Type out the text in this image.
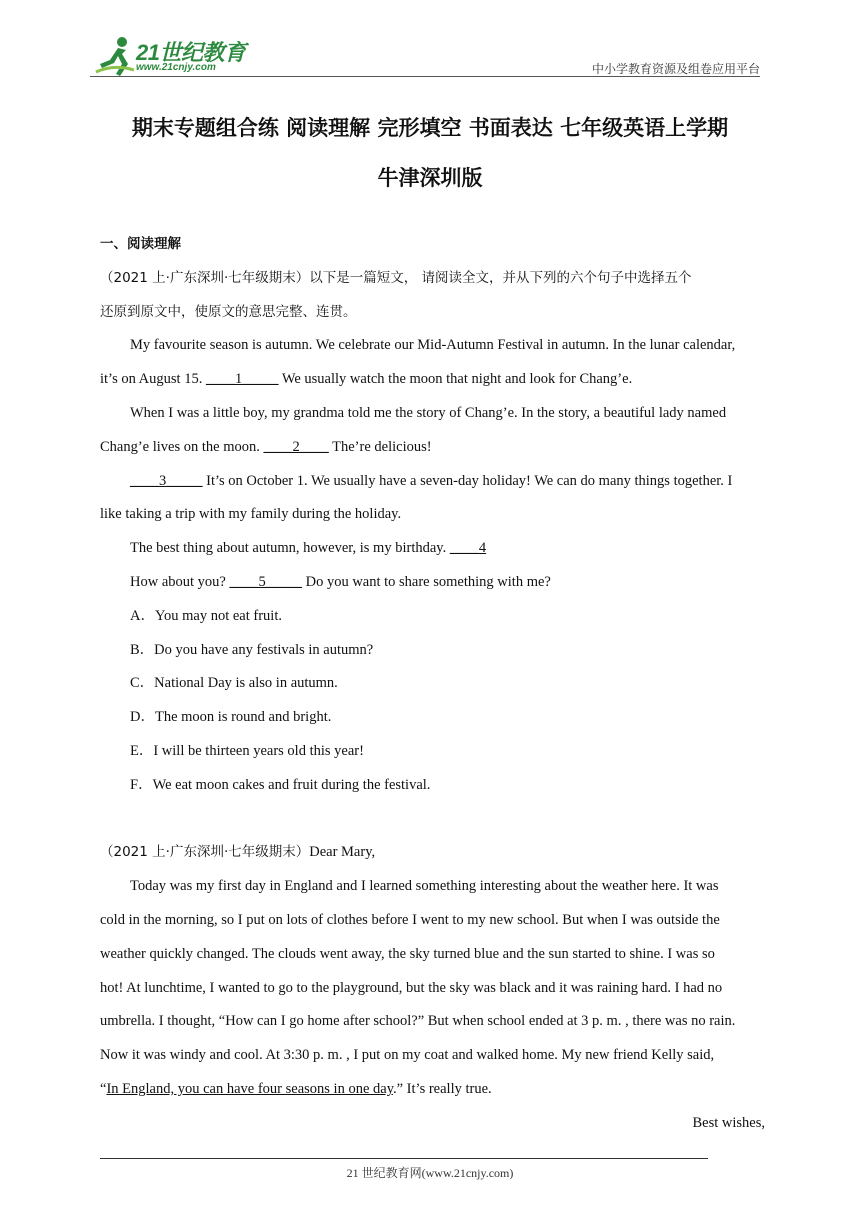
21世纪教育
www.21cnjy.com	中小学教育资源及组卷应用平台
期末专题组合练 阅读理解 完形填空 书面表达 七年级英语上学期
牛津深圳版

一、阅读理解

（2021 上·广东深圳·七年级期末）以下是一篇短文， 请阅读全文，并从下列的六个句子中选择五个

还原到原文中，使原文的意思完整、连贯。

My favourite season is autumn. We celebrate our Mid-Autumn Festival in autumn. In the lunar calendar,

it’s on August 15. ____1_____ We usually watch the moon that night and look for Chang’e.

When I was a little boy, my grandma told me the story of Chang’e. In the story, a beautiful lady named

Chang’e lives on the moon. ____2____ The’re delicious!

____3_____ It’s on October 1. We usually have a seven-day holiday! We can do many things together. I

like taking a trip with my family during the holiday.

The best thing about autumn, however, is my birthday. ____4

How about you? ____5_____ Do you want to share something with me?

A．You may not eat fruit.

B．Do you have any festivals in autumn?

C．National Day is also in autumn.

D．The moon is round and bright.

E．I will be thirteen years old this year!

F．We eat moon cakes and fruit during the festival.

（2021 上·广东深圳·七年级期末）Dear Mary,

Today was my first day in England and I learned something interesting about the weather here. It was

cold in the morning, so I put on lots of clothes before I went to my new school. But when I was outside the

weather quickly changed. The clouds went away, the sky turned blue and the sun started to shine. I was so

hot! At lunchtime, I wanted to go to the playground, but the sky was black and it was raining hard. I had no

umbrella. I thought, “How can I go home after school?” But when school ended at 3 p. m. , there was no rain.

Now it was windy and cool. At 3:30 p. m. , I put on my coat and walked home. My new friend Kelly said,

“In England, you can have four seasons in one day.” It’s really true.

Best wishes,

21 世纪教育网(www.21cnjy.com)
